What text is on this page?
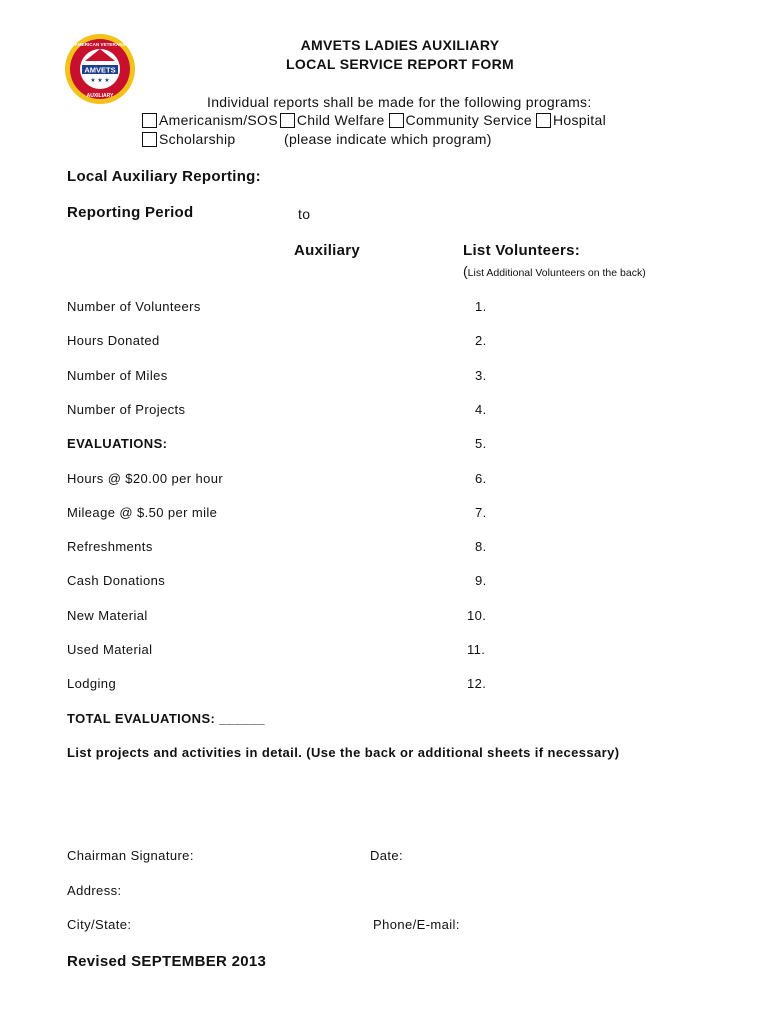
AMVETS
★ ★ ★
AMERICAN VETERANS
AUXILIARY
AMVETS LADIES AUXILIARY
LOCAL SERVICE REPORT FORM
Individual reports shall be made for the following programs:
Americanism/SOS Child Welfare Community Service Hospital
Scholarship	(please indicate which program)
Local Auxiliary Reporting:
Reporting Period	to
Auxiliary	List Volunteers:
(List Additional Volunteers on the back)
Number of Volunteers	1.
Hours Donated	2.
Number of Miles	3.
Number of Projects	4.
EVALUATIONS:	5.
Hours @ $20.00 per hour	6.
Mileage @ $.50 per mile	7.
Refreshments	8.
Cash Donations	9.
New Material	10.
Used Material	11.
Lodging	12.
TOTAL EVALUATIONS: ______
List projects and activities in detail. (Use the back or additional sheets if necessary)
Chairman Signature:	Date:
Address:
City/State:	Phone/E-mail:
Revised SEPTEMBER 2013
